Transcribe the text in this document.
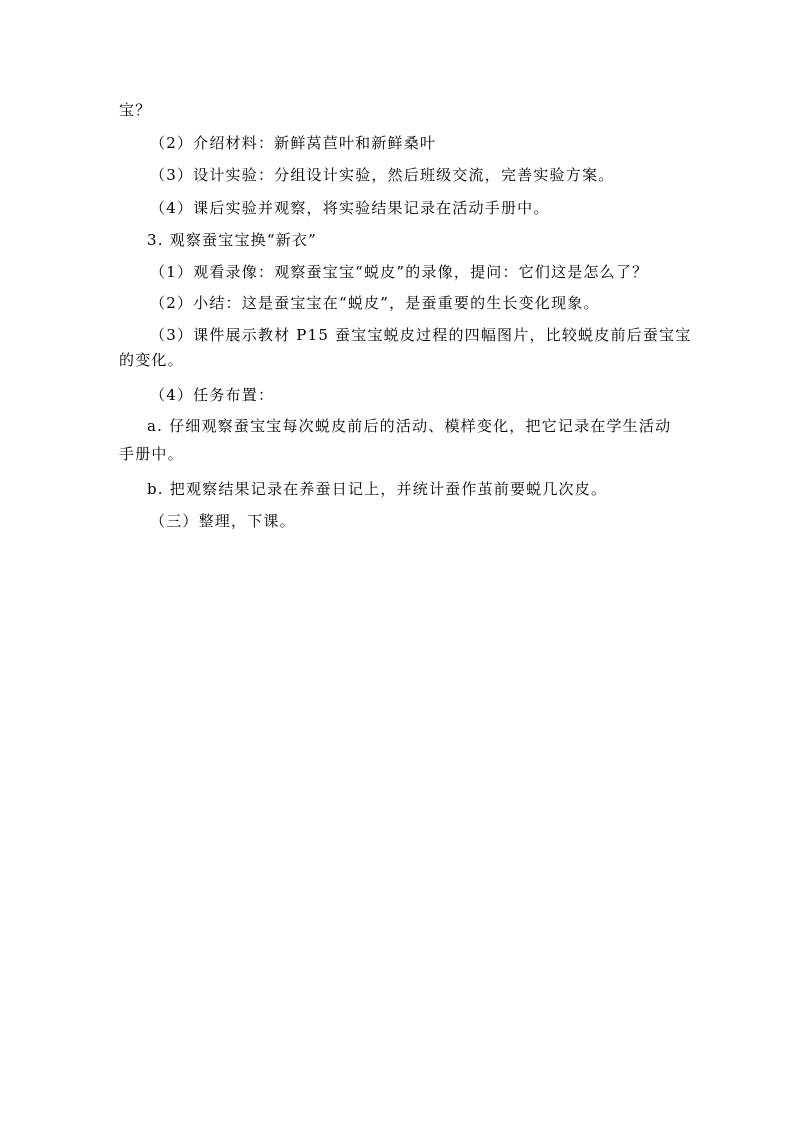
宝？
（2）介绍材料：新鲜莴苣叶和新鲜桑叶
（3）设计实验：分组设计实验，然后班级交流，完善实验方案。
（4）课后实验并观察，将实验结果记录在活动手册中。
3. 观察蚕宝宝换“新衣”
（1）观看录像：观察蚕宝宝“蜕皮”的录像，提问：它们这是怎么了？
（2）小结：这是蚕宝宝在“蜕皮”，是蚕重要的生长变化现象。
（3）课件展示教材 P15 蚕宝宝蜕皮过程的四幅图片，比较蜕皮前后蚕宝宝
的变化。
（4）任务布置：
a. 仔细观察蚕宝宝每次蜕皮前后的活动、模样变化，把它记录在学生活动
手册中。
b. 把观察结果记录在养蚕日记上，并统计蚕作茧前要蜕几次皮。
（三）整理，下课。
